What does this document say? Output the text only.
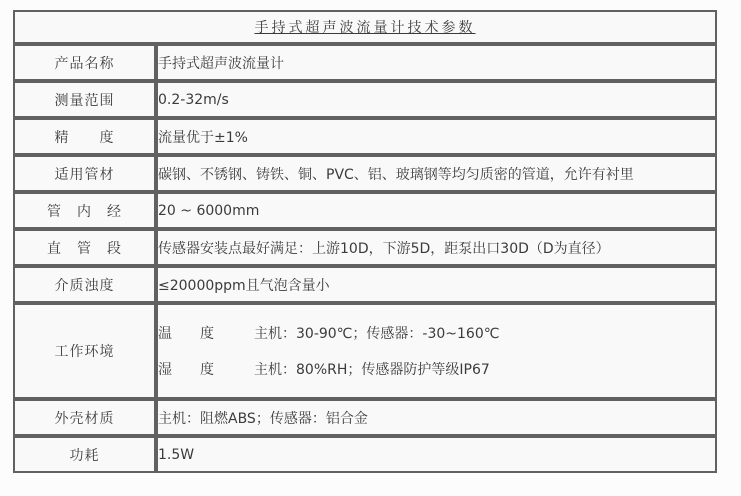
手持式超声波流量计技术参数	
产品名称	手持式超声波流量计
测量范围	0.2-32m/s
精　　度	流量优于±1%
适用管材	碳钢、不锈钢、铸铁、铜、PVC、铝、玻璃钢等均匀质密的管道，允许有衬里
管　内　经	20 ~ 6000mm
直　管　段	传感器安装点最好满足：上游10D，下游5D，距泵出口30D（D为直径）
介质浊度	≤20000ppm且气泡含量小
工作环境	温　　度 主机：30-90℃；传感器：-30~160℃
湿　　度 主机：80%RH；传感器防护等级IP67

外壳材质	主机：阻燃ABS；传感器：铝合金
功耗	1.5W
